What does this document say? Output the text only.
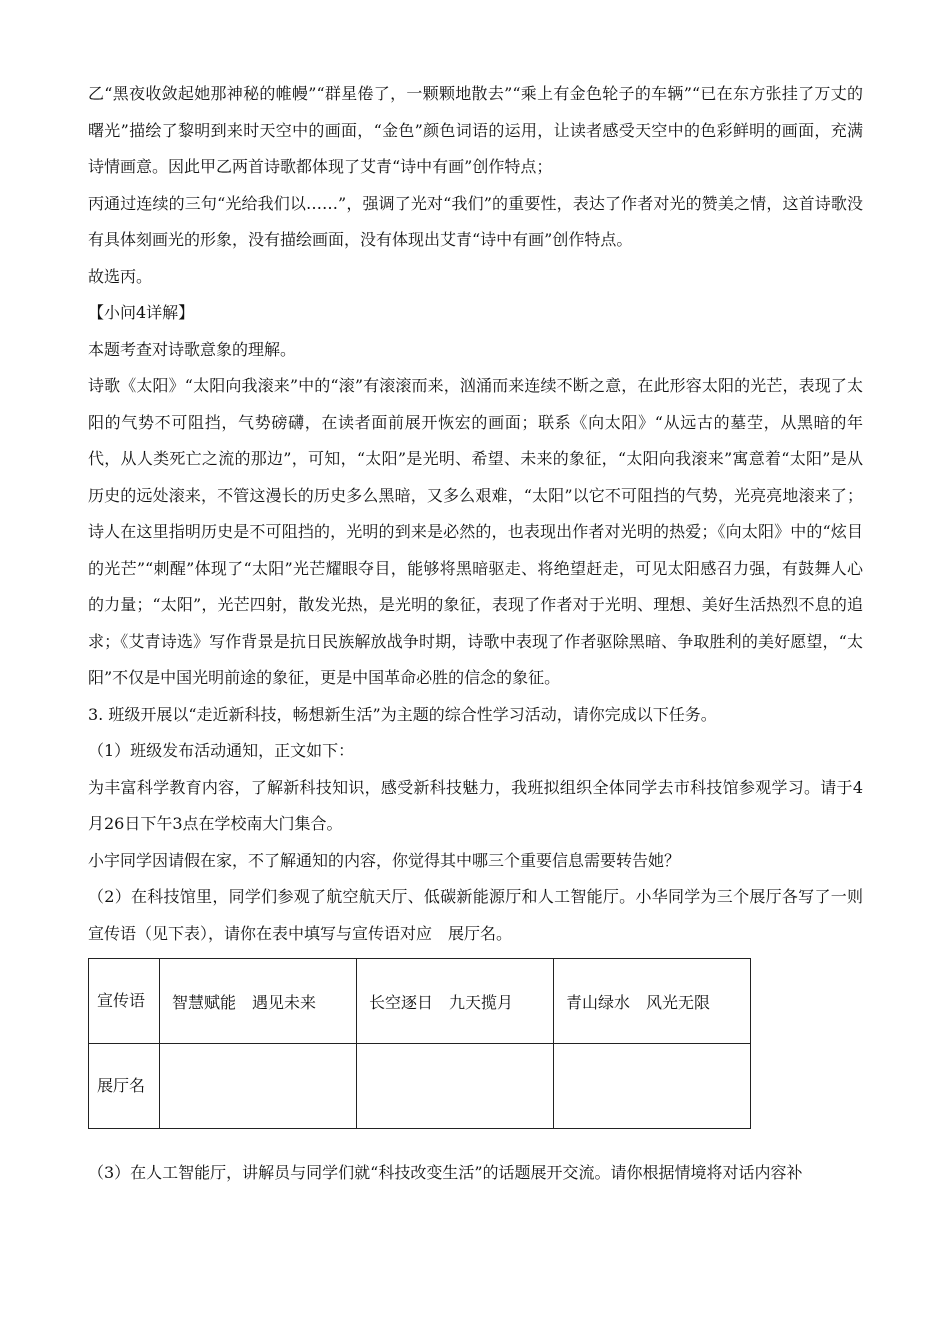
乙“黑夜收敛起她那神秘的帷幔”“群星倦了，一颗颗地散去”“乘上有金色轮子的车辆”“已在东方张挂了万丈的曙光”描绘了黎明到来时天空中的画面，“金色”颜色词语的运用，让读者感受天空中的色彩鲜明的画面，充满诗情画意。因此甲乙两首诗歌都体现了艾青“诗中有画”创作特点；

丙通过连续的三句“光给我们以……”，强调了光对“我们”的重要性，表达了作者对光的赞美之情，这首诗歌没有具体刻画光的形象，没有描绘画面，没有体现出艾青“诗中有画”创作特点。

故选丙。

【小问4详解】

本题考查对诗歌意象的理解。

诗歌《太阳》“太阳向我滚来”中的“滚”有滚滚而来，汹涌而来连续不断之意，在此形容太阳的光芒，表现了太阳的气势不可阻挡，气势磅礴，在读者面前展开恢宏的画面；联系《向太阳》“从远古的墓茔，从黑暗的年代，从人类死亡之流的那边”，可知，“太阳”是光明、希望、未来的象征，“太阳向我滚来”寓意着“太阳”是从历史的远处滚来，不管这漫长的历史多么黑暗，又多么艰难，“太阳”以它不可阻挡的气势，光亮亮地滚来了；诗人在这里指明历史是不可阻挡的，光明的到来是必然的，也表现出作者对光明的热爱；《向太阳》中的“炫目的光芒”“刺醒”体现了“太阳”光芒耀眼夺目，能够将黑暗驱走、将绝望赶走，可见太阳感召力强，有鼓舞人心的力量；“太阳”，光芒四射，散发光热，是光明的象征，表现了作者对于光明、理想、美好生活热烈不息的追求；《艾青诗选》写作背景是抗日民族解放战争时期，诗歌中表现了作者驱除黑暗、争取胜利的美好愿望，“太阳”不仅是中国光明前途的象征，更是中国革命必胜的信念的象征。

3. 班级开展以“走近新科技，畅想新生活”为主题的综合性学习活动，请你完成以下任务。

（1）班级发布活动通知，正文如下：

为丰富科学教育内容，了解新科技知识，感受新科技魅力，我班拟组织全体同学去市科技馆参观学习。请于4月26日下午3点在学校南大门集合。

小宇同学因请假在家，不了解通知的内容，你觉得其中哪三个重要信息需要转告她？

（2）在科技馆里，同学们参观了航空航天厅、低碳新能源厅和人工智能厅。小华同学为三个展厅各写了一则宣传语（见下表），请你在表中填写与宣传语对应　展厅名。

宣传语	智慧赋能　遇见未来	长空逐日　九天揽月	青山绿水　风光无限
展厅名			

（3）在人工智能厅，讲解员与同学们就“科技改变生活”的话题展开交流。请你根据情境将对话内容补
